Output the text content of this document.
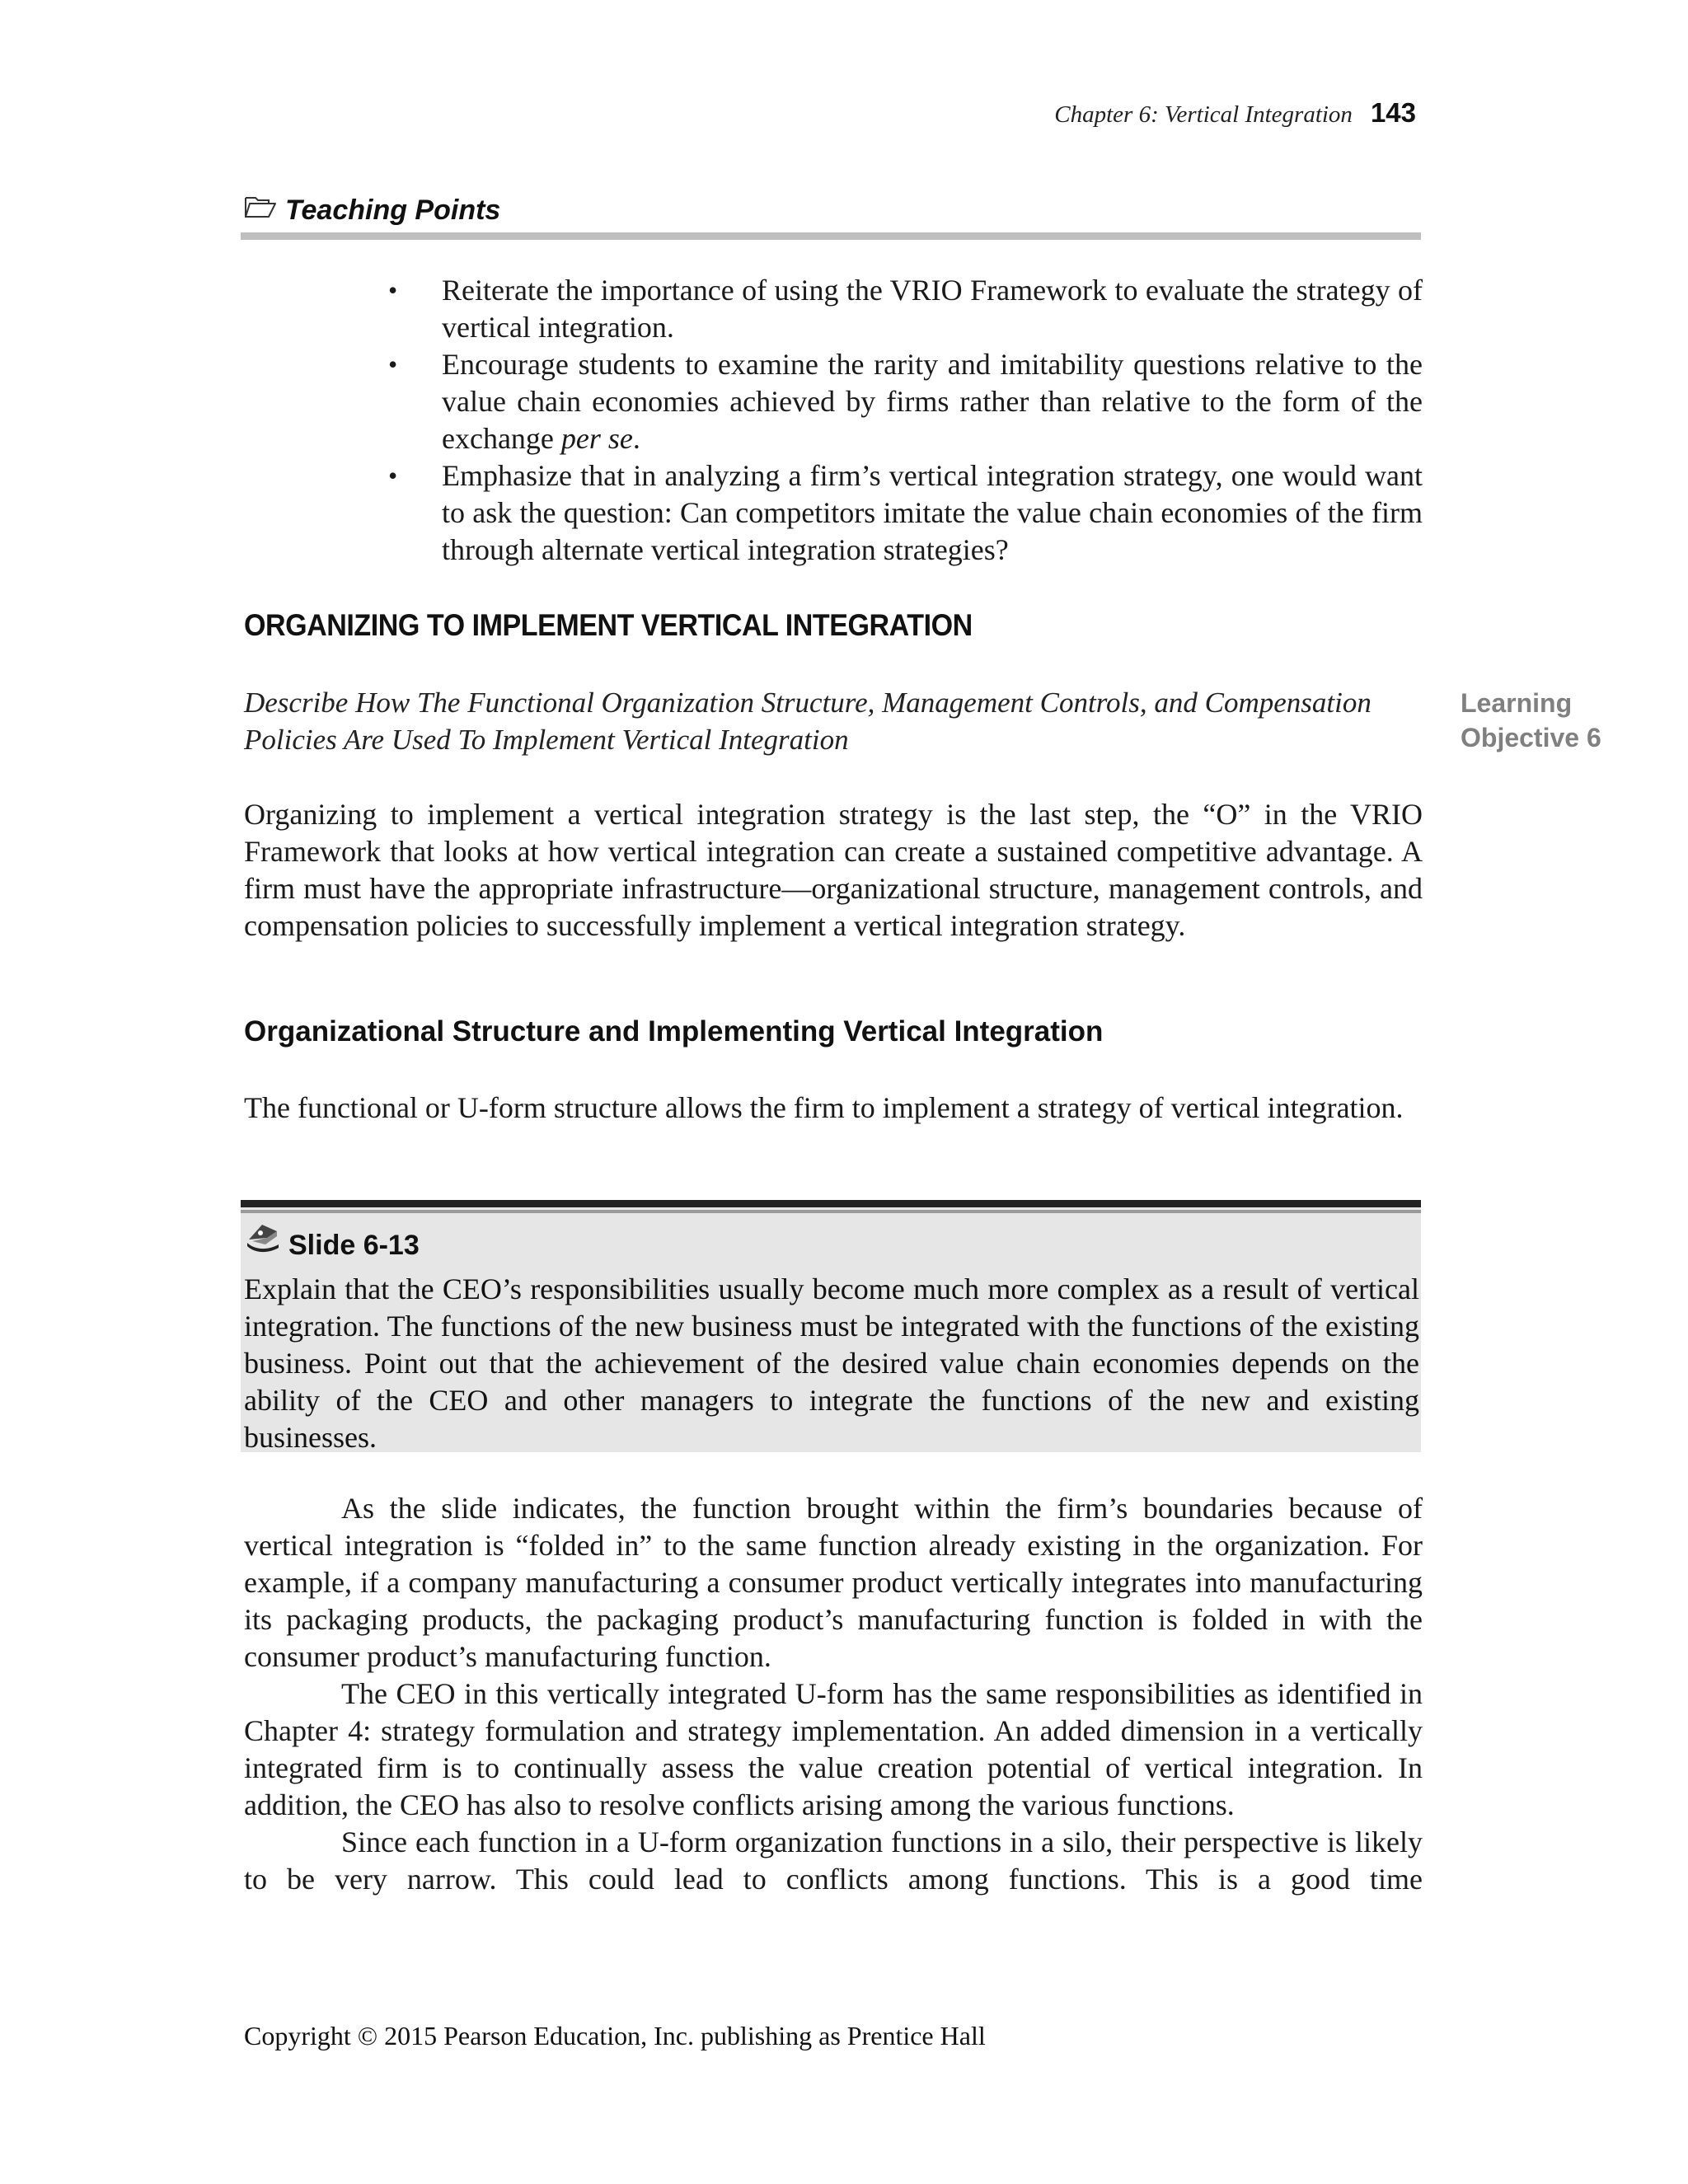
Chapter 6: Vertical Integration 143
Teaching Points
• Reiterate the importance of using the VRIO Framework to evaluate the strategy of vertical integration.
• Encourage students to examine the rarity and imitability questions relative to the value chain economies achieved by firms rather than relative to the form of the exchange per se.
• Emphasize that in analyzing a firm’s vertical integration strategy, one would want to ask the question: Can competitors imitate the value chain economies of the firm through alternate vertical integration strategies?
ORGANIZING TO IMPLEMENT VERTICAL INTEGRATION
Describe How The Functional Organization Structure, Management Controls, and Compensation Policies Are Used To Implement Vertical Integration
Learning
Objective 6

Organizing to implement a vertical integration strategy is the last step, the “O” in the VRIO Framework that looks at how vertical integration can create a sustained competitive advantage. A firm must have the appropriate infrastructure—organizational structure, management controls, and compensation policies to successfully implement a vertical integration strategy.

Organizational Structure and Implementing Vertical Integration

The functional or U-form structure allows the firm to implement a strategy of vertical integration.

Slide 6-13

Explain that the CEO’s responsibilities usually become much more complex as a result of vertical integration. The functions of the new business must be integrated with the functions of the existing business. Point out that the achievement of the desired value chain economies depends on the ability of the CEO and other managers to integrate the functions of the new and existing businesses.

As the slide indicates, the function brought within the firm’s boundaries because of vertical integration is “folded in” to the same function already existing in the organization. For example, if a company manufacturing a consumer product vertically integrates into manufacturing its packaging products, the packaging product’s manufacturing function is folded in with the consumer product’s manufacturing function.

The CEO in this vertically integrated U-form has the same responsibilities as identified in Chapter 4: strategy formulation and strategy implementation. An added dimension in a vertically integrated firm is to continually assess the value creation potential of vertical integration. In addition, the CEO has also to resolve conflicts arising among the various functions.

Since each function in a U-form organization functions in a silo, their perspective is likely to be very narrow. This could lead to conflicts among functions. This is a good time

Copyright © 2015 Pearson Education, Inc. publishing as Prentice Hall
